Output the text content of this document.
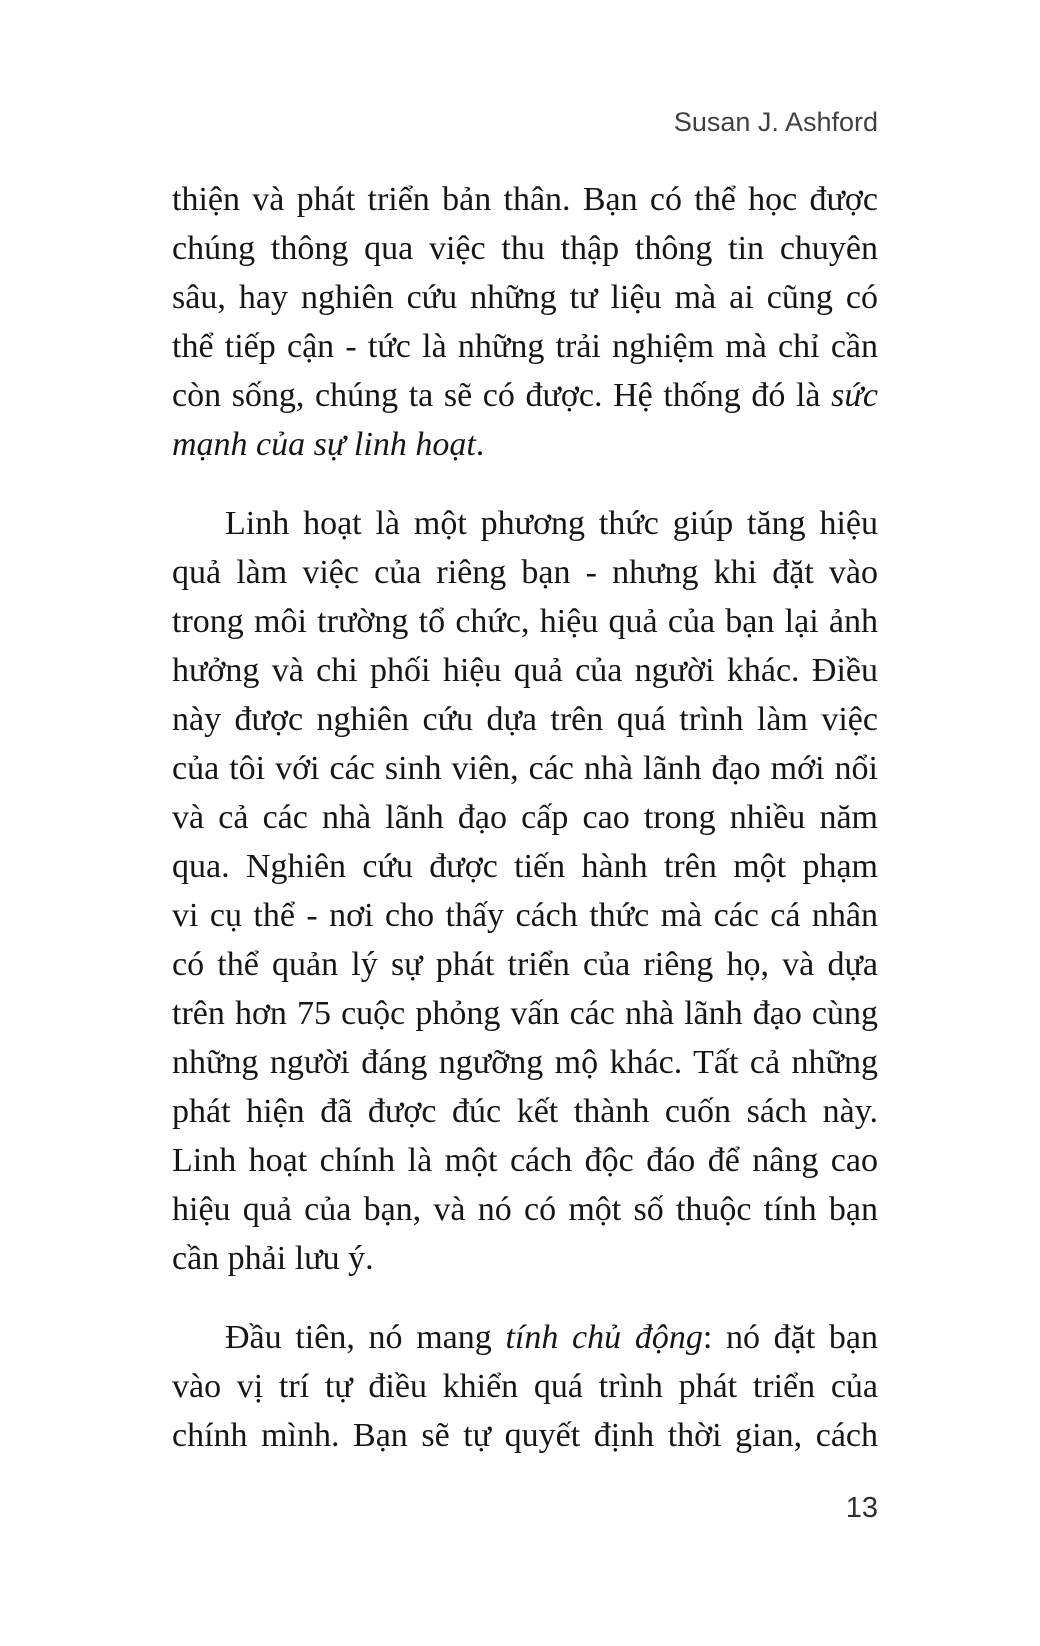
Susan J. Ashford

thiện và phát triển bản thân. Bạn có thể học được
chúng thông qua việc thu thập thông tin chuyên
sâu, hay nghiên cứu những tư liệu mà ai cũng có
thể tiếp cận - tức là những trải nghiệm mà chỉ cần
còn sống, chúng ta sẽ có được. Hệ thống đó là sức
mạnh của sự linh hoạt.

Linh hoạt là một phương thức giúp tăng hiệu
quả làm việc của riêng bạn - nhưng khi đặt vào
trong môi trường tổ chức, hiệu quả của bạn lại ảnh
hưởng và chi phối hiệu quả của người khác. Điều
này được nghiên cứu dựa trên quá trình làm việc
của tôi với các sinh viên, các nhà lãnh đạo mới nổi
và cả các nhà lãnh đạo cấp cao trong nhiều năm
qua. Nghiên cứu được tiến hành trên một phạm
vi cụ thể - nơi cho thấy cách thức mà các cá nhân
có thể quản lý sự phát triển của riêng họ, và dựa
trên hơn 75 cuộc phỏng vấn các nhà lãnh đạo cùng
những người đáng ngưỡng mộ khác. Tất cả những
phát hiện đã được đúc kết thành cuốn sách này.
Linh hoạt chính là một cách độc đáo để nâng cao
hiệu quả của bạn, và nó có một số thuộc tính bạn
cần phải lưu ý.

Đầu tiên, nó mang tính chủ động: nó đặt bạn
vào vị trí tự điều khiển quá trình phát triển của
chính mình. Bạn sẽ tự quyết định thời gian, cách

13
